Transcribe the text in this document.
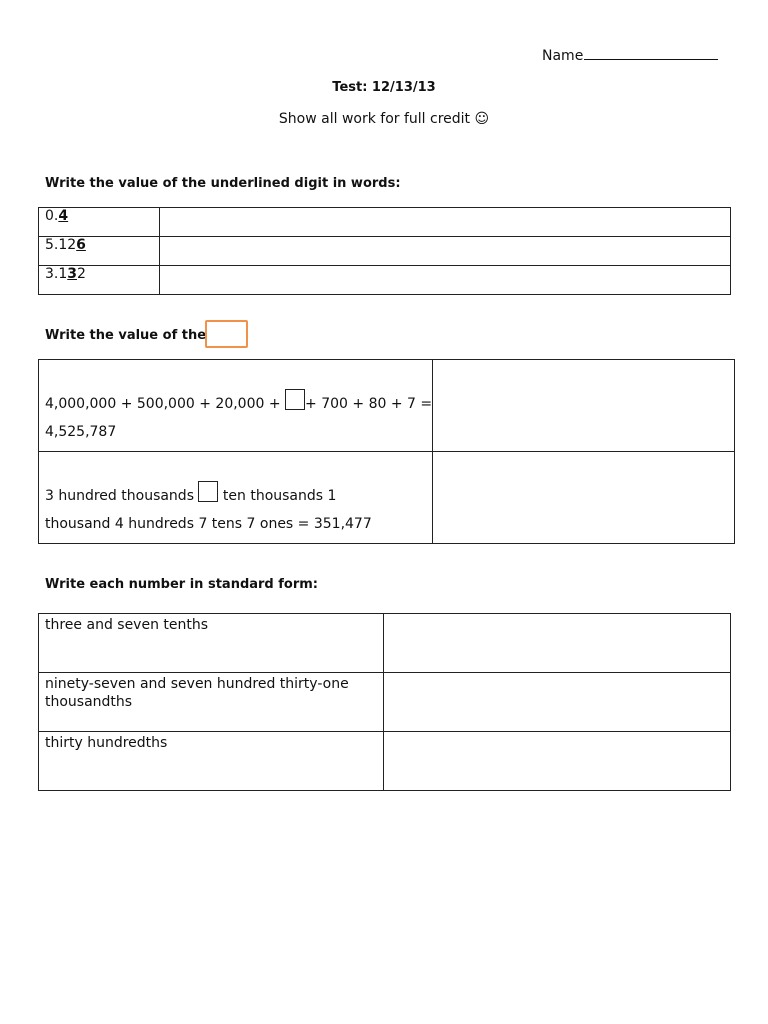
Name
Test: 12/13/13
Show all work for full credit ☺
Write the value of the underlined digit in words:
0.4	
5.126	
3.132	
Write the value of the
4,000,000 + 500,000 + 20,000 + + 700 + 80 + 7 =
4,525,787	

3 hundred thousands  ten thousands 1
thousand 4 hundreds 7 tens 7 ones = 351,477	

Write each number in standard form:
three and seven tenths	
ninety-seven and seven hundred thirty-one thousandths	
thirty hundredths	
